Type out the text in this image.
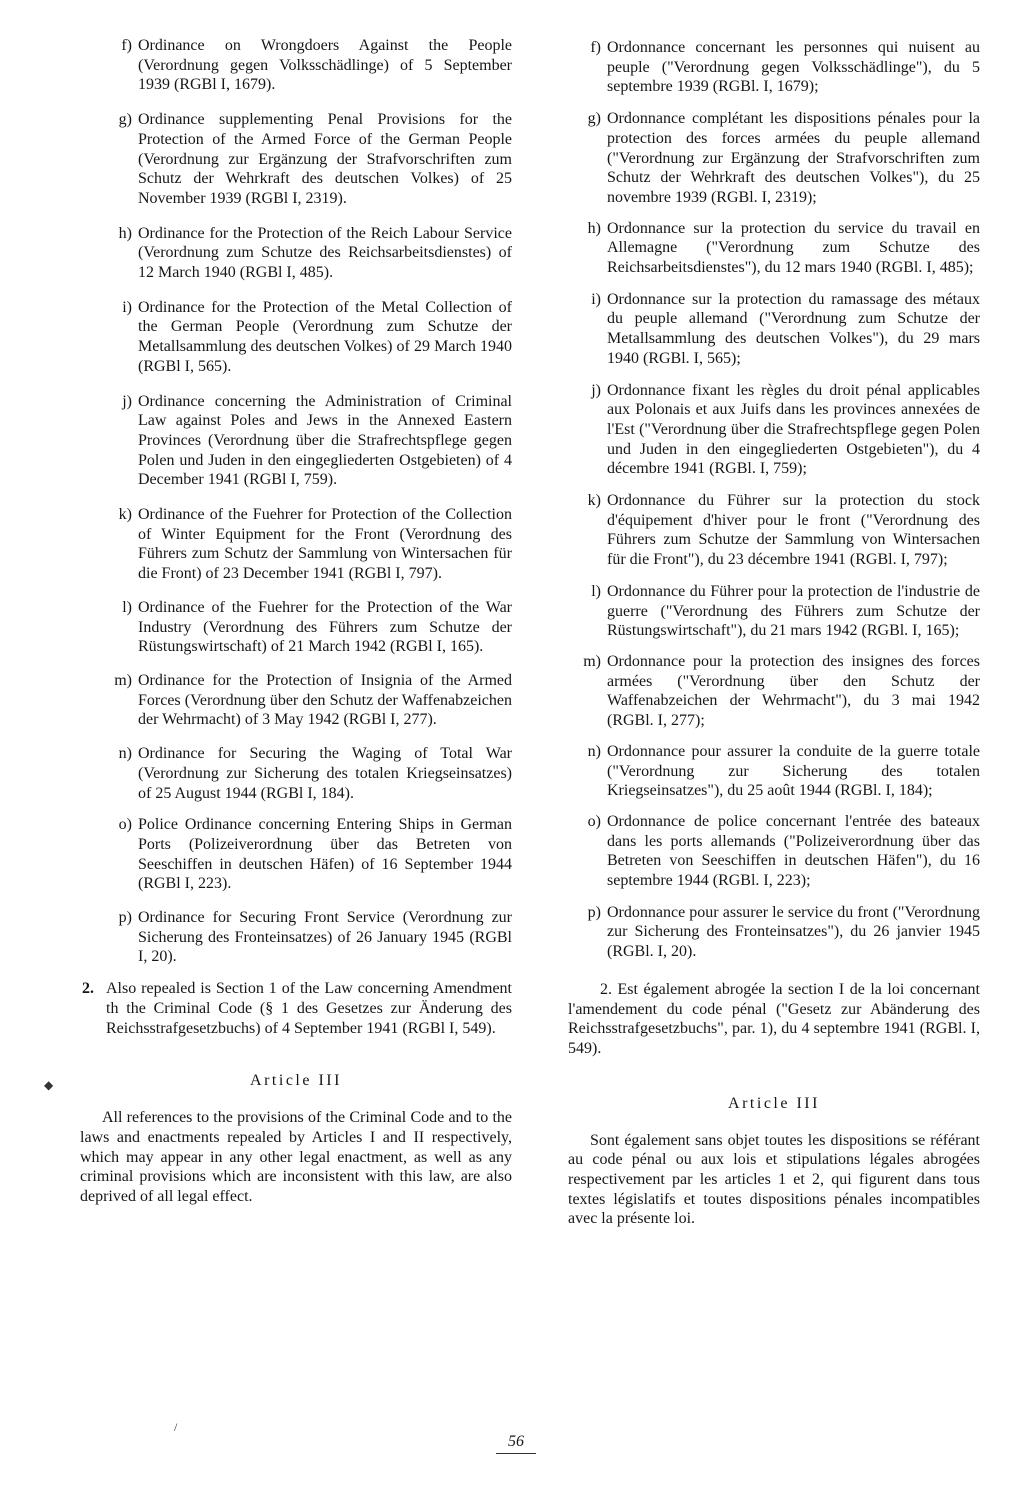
f) Ordinance on Wrongdoers Against the People (Verordnung gegen Volksschädlinge) of 5 September 1939 (RGBl I, 1679).
g) Ordinance supplementing Penal Provisions for the Protection of the Armed Force of the German People (Verordnung zur Ergänzung der Strafvorschriften zum Schutz der Wehrkraft des deutschen Volkes) of 25 November 1939 (RGBl I, 2319).
h) Ordinance for the Protection of the Reich Labour Service (Verordnung zum Schutze des Reichsarbeitsdienstes) of 12 March 1940 (RGBl I, 485).
i) Ordinance for the Protection of the Metal Collection of the German People (Verordnung zum Schutze der Metallsammlung des deutschen Volkes) of 29 March 1940 (RGBl I, 565).
j) Ordinance concerning the Administration of Criminal Law against Poles and Jews in the Annexed Eastern Provinces (Verordnung über die Strafrechtspflege gegen Polen und Juden in den eingegliederten Ostgebieten) of 4 December 1941 (RGBl I, 759).
k) Ordinance of the Fuehrer for Protection of the Collection of Winter Equipment for the Front (Verordnung des Führers zum Schutz der Sammlung von Wintersachen für die Front) of 23 December 1941 (RGBl I, 797).
l) Ordinance of the Fuehrer for the Protection of the War Industry (Verordnung des Führers zum Schutze der Rüstungswirtschaft) of 21 March 1942 (RGBl I, 165).
m) Ordinance for the Protection of Insignia of the Armed Forces (Verordnung über den Schutz der Waffenabzeichen der Wehrmacht) of 3 May 1942 (RGBl I, 277).
n) Ordinance for Securing the Waging of Total War (Verordnung zur Sicherung des totalen Kriegseinsatzes) of 25 August 1944 (RGBl I, 184).
o) Police Ordinance concerning Entering Ships in German Ports (Polizeiverordnung über das Betreten von Seeschiffen in deutschen Häfen) of 16 September 1944 (RGBl I, 223).
p) Ordinance for Securing Front Service (Verordnung zur Sicherung des Fronteinsatzes) of 26 January 1945 (RGBl I, 20).
2. Also repealed is Section 1 of the Law concerning Amendment th the Criminal Code (§ 1 des Gesetzes zur Änderung des Reichsstrafgesetzbuchs) of 4 September 1941 (RGBl I, 549).
Article III
All references to the provisions of the Criminal Code and to the laws and enactments repealed by Articles I and II respectively, which may appear in any other legal enactment, as well as any criminal provisions which are inconsistent with this law, are also deprived of all legal effect.
f) Ordonnance concernant les personnes qui nuisent au peuple ("Verordnung gegen Volksschädlinge"), du 5 septembre 1939 (RGBl. I, 1679);
g) Ordonnance complétant les dispositions pénales pour la protection des forces armées du peuple allemand ("Verordnung zur Ergänzung der Strafvorschriften zum Schutz der Wehrkraft des deutschen Volkes"), du 25 novembre 1939 (RGBl. I, 2319);
h) Ordonnance sur la protection du service du travail en Allemagne ("Verordnung zum Schutze des Reichsarbeitsdienstes"), du 12 mars 1940 (RGBl. I, 485);
i) Ordonnance sur la protection du ramassage des métaux du peuple allemand ("Verordnung zum Schutze der Metallsammlung des deutschen Volkes"), du 29 mars 1940 (RGBl. I, 565);
j) Ordonnance fixant les règles du droit pénal applicables aux Polonais et aux Juifs dans les provinces annexées de l'Est ("Verordnung über die Strafrechtspflege gegen Polen und Juden in den eingegliederten Ostgebieten"), du 4 décembre 1941 (RGBl. I, 759);
k) Ordonnance du Führer sur la protection du stock d'équipement d'hiver pour le front ("Verordnung des Führers zum Schutze der Sammlung von Wintersachen für die Front"), du 23 décembre 1941 (RGBl. I, 797);
l) Ordonnance du Führer pour la protection de l'industrie de guerre ("Verordnung des Führers zum Schutze der Rüstungswirtschaft"), du 21 mars 1942 (RGBl. I, 165);
m) Ordonnance pour la protection des insignes des forces armées ("Verordnung über den Schutz der Waffenabzeichen der Wehrmacht"), du 3 mai 1942 (RGBl. I, 277);
n) Ordonnance pour assurer la conduite de la guerre totale ("Verordnung zur Sicherung des totalen Kriegseinsatzes"), du 25 août 1944 (RGBl. I, 184);
o) Ordonnance de police concernant l'entrée des bateaux dans les ports allemands ("Polizeiverordnung über das Betreten von Seeschiffen in deutschen Häfen"), du 16 septembre 1944 (RGBl. I, 223);
p) Ordonnance pour assurer le service du front ("Verordnung zur Sicherung des Fronteinsatzes"), du 26 janvier 1945 (RGBl. I, 20).
2. Est également abrogée la section I de la loi concernant l'amendement du code pénal ("Gesetz zur Abänderung des Reichsstrafgesetzbuchs", par. 1), du 4 septembre 1941 (RGBl. I, 549).
Article III
Sont également sans objet toutes les dispositions se référant au code pénal ou aux lois et stipulations légales abrogées respectivement par les articles 1 et 2, qui figurent dans tous textes législatifs et toutes dispositions pénales incompatibles avec la présente loi.
◆
/
56
